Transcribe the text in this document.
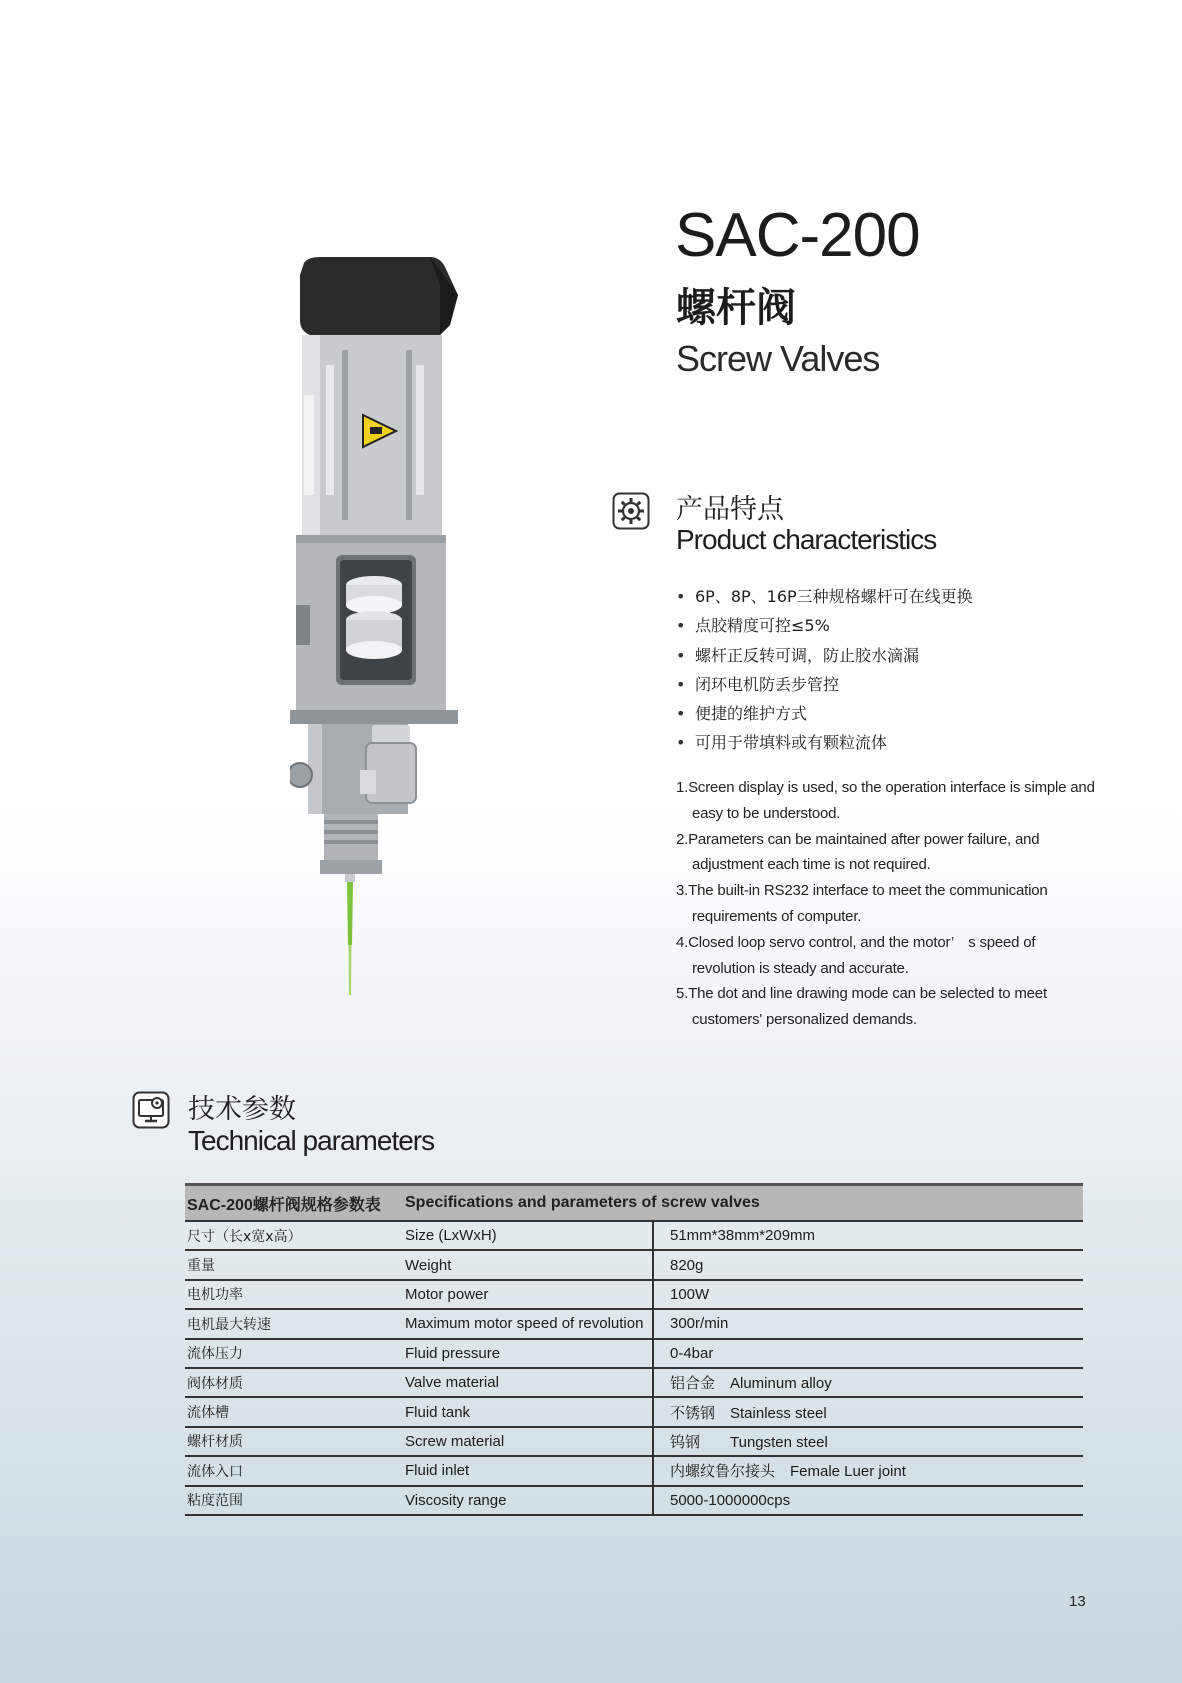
SAC-200
螺杆阀
Screw Valves
产品特点
Product characteristics
• 6P、8P、16P三种规格螺杆可在线更换
• 点胶精度可控≤5%
• 螺杆正反转可调，防止胶水滴漏
• 闭环电机防丢步管控
• 便捷的维护方式
• 可用于带填料或有颗粒流体
1.Screen display is used, so the operation interface is simple and easy to be understood.
2.Parameters can be maintained after power failure, and adjustment each time is not required.
3.The built-in RS232 interface to meet the communication requirements of computer.
4.Closed loop servo control, and the motor’　s speed of revolution is steady and accurate.
5.The dot and line drawing mode can be selected to meet customers' personalized demands.
技术参数
Technical parameters
SAC-200螺杆阀规格参数表	Specifications and parameters of screw valves	
尺寸（长x宽x高）	Size (LxWxH)	51mm*38mm*209mm
重量	Weight	820g
电机功率	Motor power	100W
电机最大转速	Maximum motor speed of revolution	300r/min
流体压力	Fluid pressure	0-4bar
阀体材质	Valve material	铝合金　Aluminum alloy
流体槽	Fluid tank	不锈钢　Stainless steel
螺杆材质	Screw material	钨钢　　Tungsten steel
流体入口	Fluid inlet	内螺纹鲁尔接头　Female Luer joint
粘度范围	Viscosity range	5000-1000000cps
13
